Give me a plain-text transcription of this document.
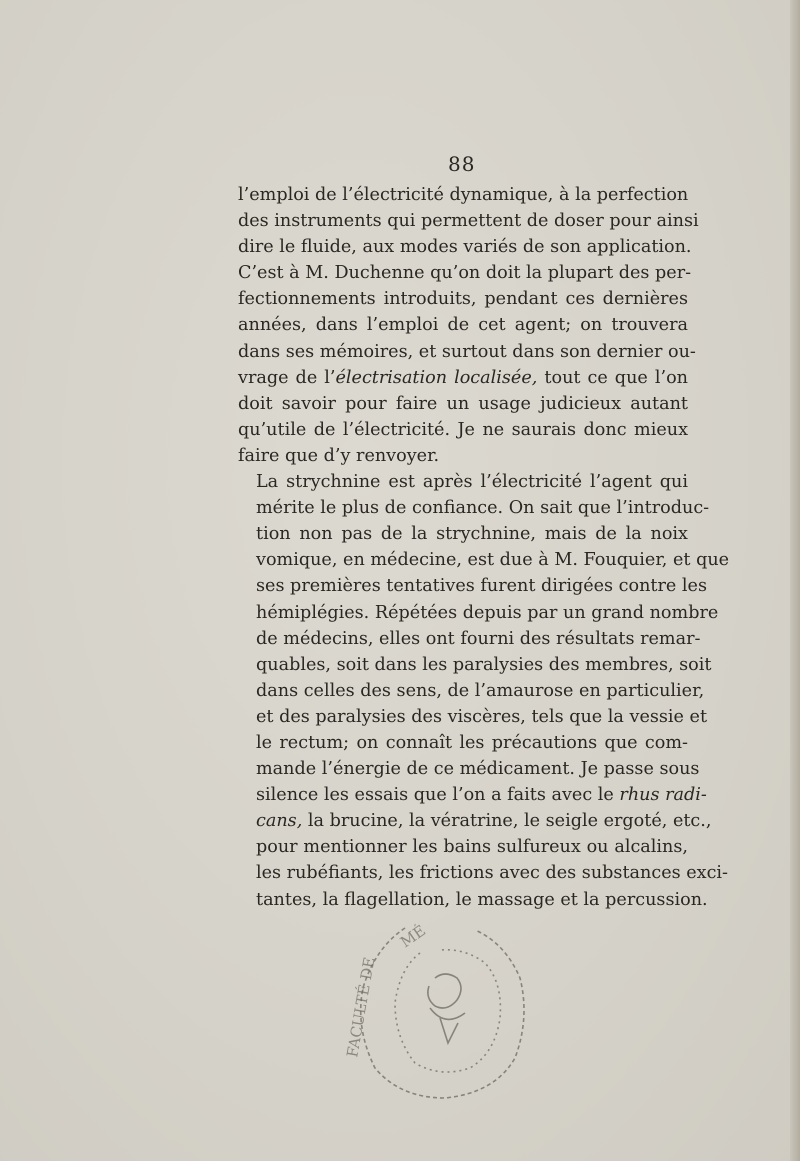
88

l’emploi de l’électricité dynamique, à la perfection
des instruments qui permettent de doser pour ainsi
dire le fluide, aux modes variés de son application.
C’est à M. Duchenne qu’on doit la plupart des per-
fectionnements introduits, pendant ces dernières
années, dans l’emploi de cet agent; on trouvera
dans ses mémoires, et surtout dans son dernier ou-
vrage de l’électrisation localisée, tout ce que l’on
doit savoir pour faire un usage judicieux autant
qu’utile de l’électricité. Je ne saurais donc mieux
faire que d’y renvoyer.

La strychnine est après l’électricité l’agent qui
mérite le plus de confiance. On sait que l’introduc-
tion non pas de la strychnine, mais de la noix
vomique, en médecine, est due à M. Fouquier, et que
ses premières tentatives furent dirigées contre les
hémiplégies. Répétées depuis par un grand nombre
de médecins, elles ont fourni des résultats remar-
quables, soit dans les paralysies des membres, soit
dans celles des sens, de l’amaurose en particulier,
et des paralysies des viscères, tels que la vessie et
le rectum; on connaît les précautions que com-
mande l’énergie de ce médicament. Je passe sous
silence les essais que l’on a faits avec le rhus radi-
cans, la brucine, la vératrine, le seigle ergoté, etc.,
pour mentionner les bains sulfureux ou alcalins,
les rubéfiants, les frictions avec des substances exci-
tantes, la flagellation, le massage et la percussion.

FACULTÉ DE
MÉ
